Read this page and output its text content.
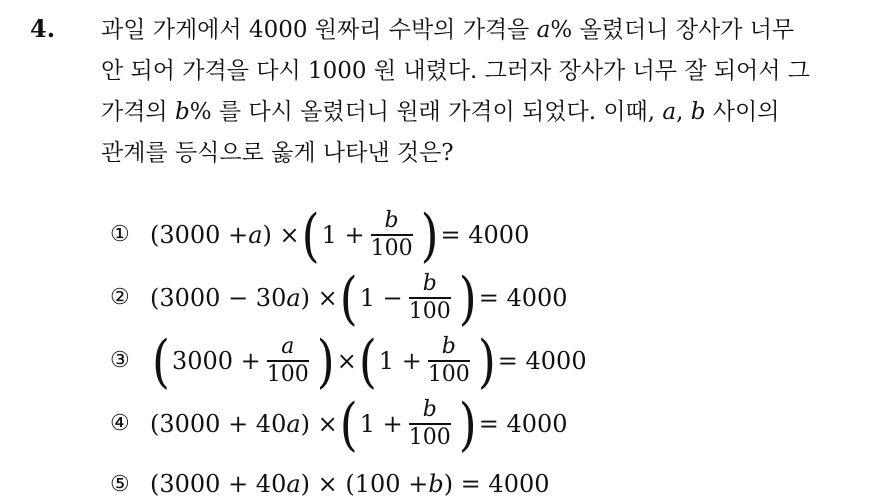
4. 과일 가게에서 4000 원짜리 수박의 가격을 a% 올렸더니 장사가 너무
안 되어 가격을 다시 1000 원 내렸다. 그러자 장사가 너무 잘 되어서 그
가격의 b% 를 다시 올렸더니 원래 가격이 되었다. 이때, a, b 사이의
관계를 등식으로 옳게 나타낸 것은?
① (3000 + a ) × ( $1 + \frac{b}{100}$ ) = 4000
② (3000 − 30 a ) × ( $1 - \frac{b}{100}$ ) = 4000
③ ( $3000 + \frac{a}{100}$ ) × ( $1 + \frac{b}{100}$ ) = 4000
④ (3000 + 40 a ) × ( $1 + \frac{b}{100}$ ) = 4000
⑤ (3000 + 40 a ) × (100 + b ) = 4000
